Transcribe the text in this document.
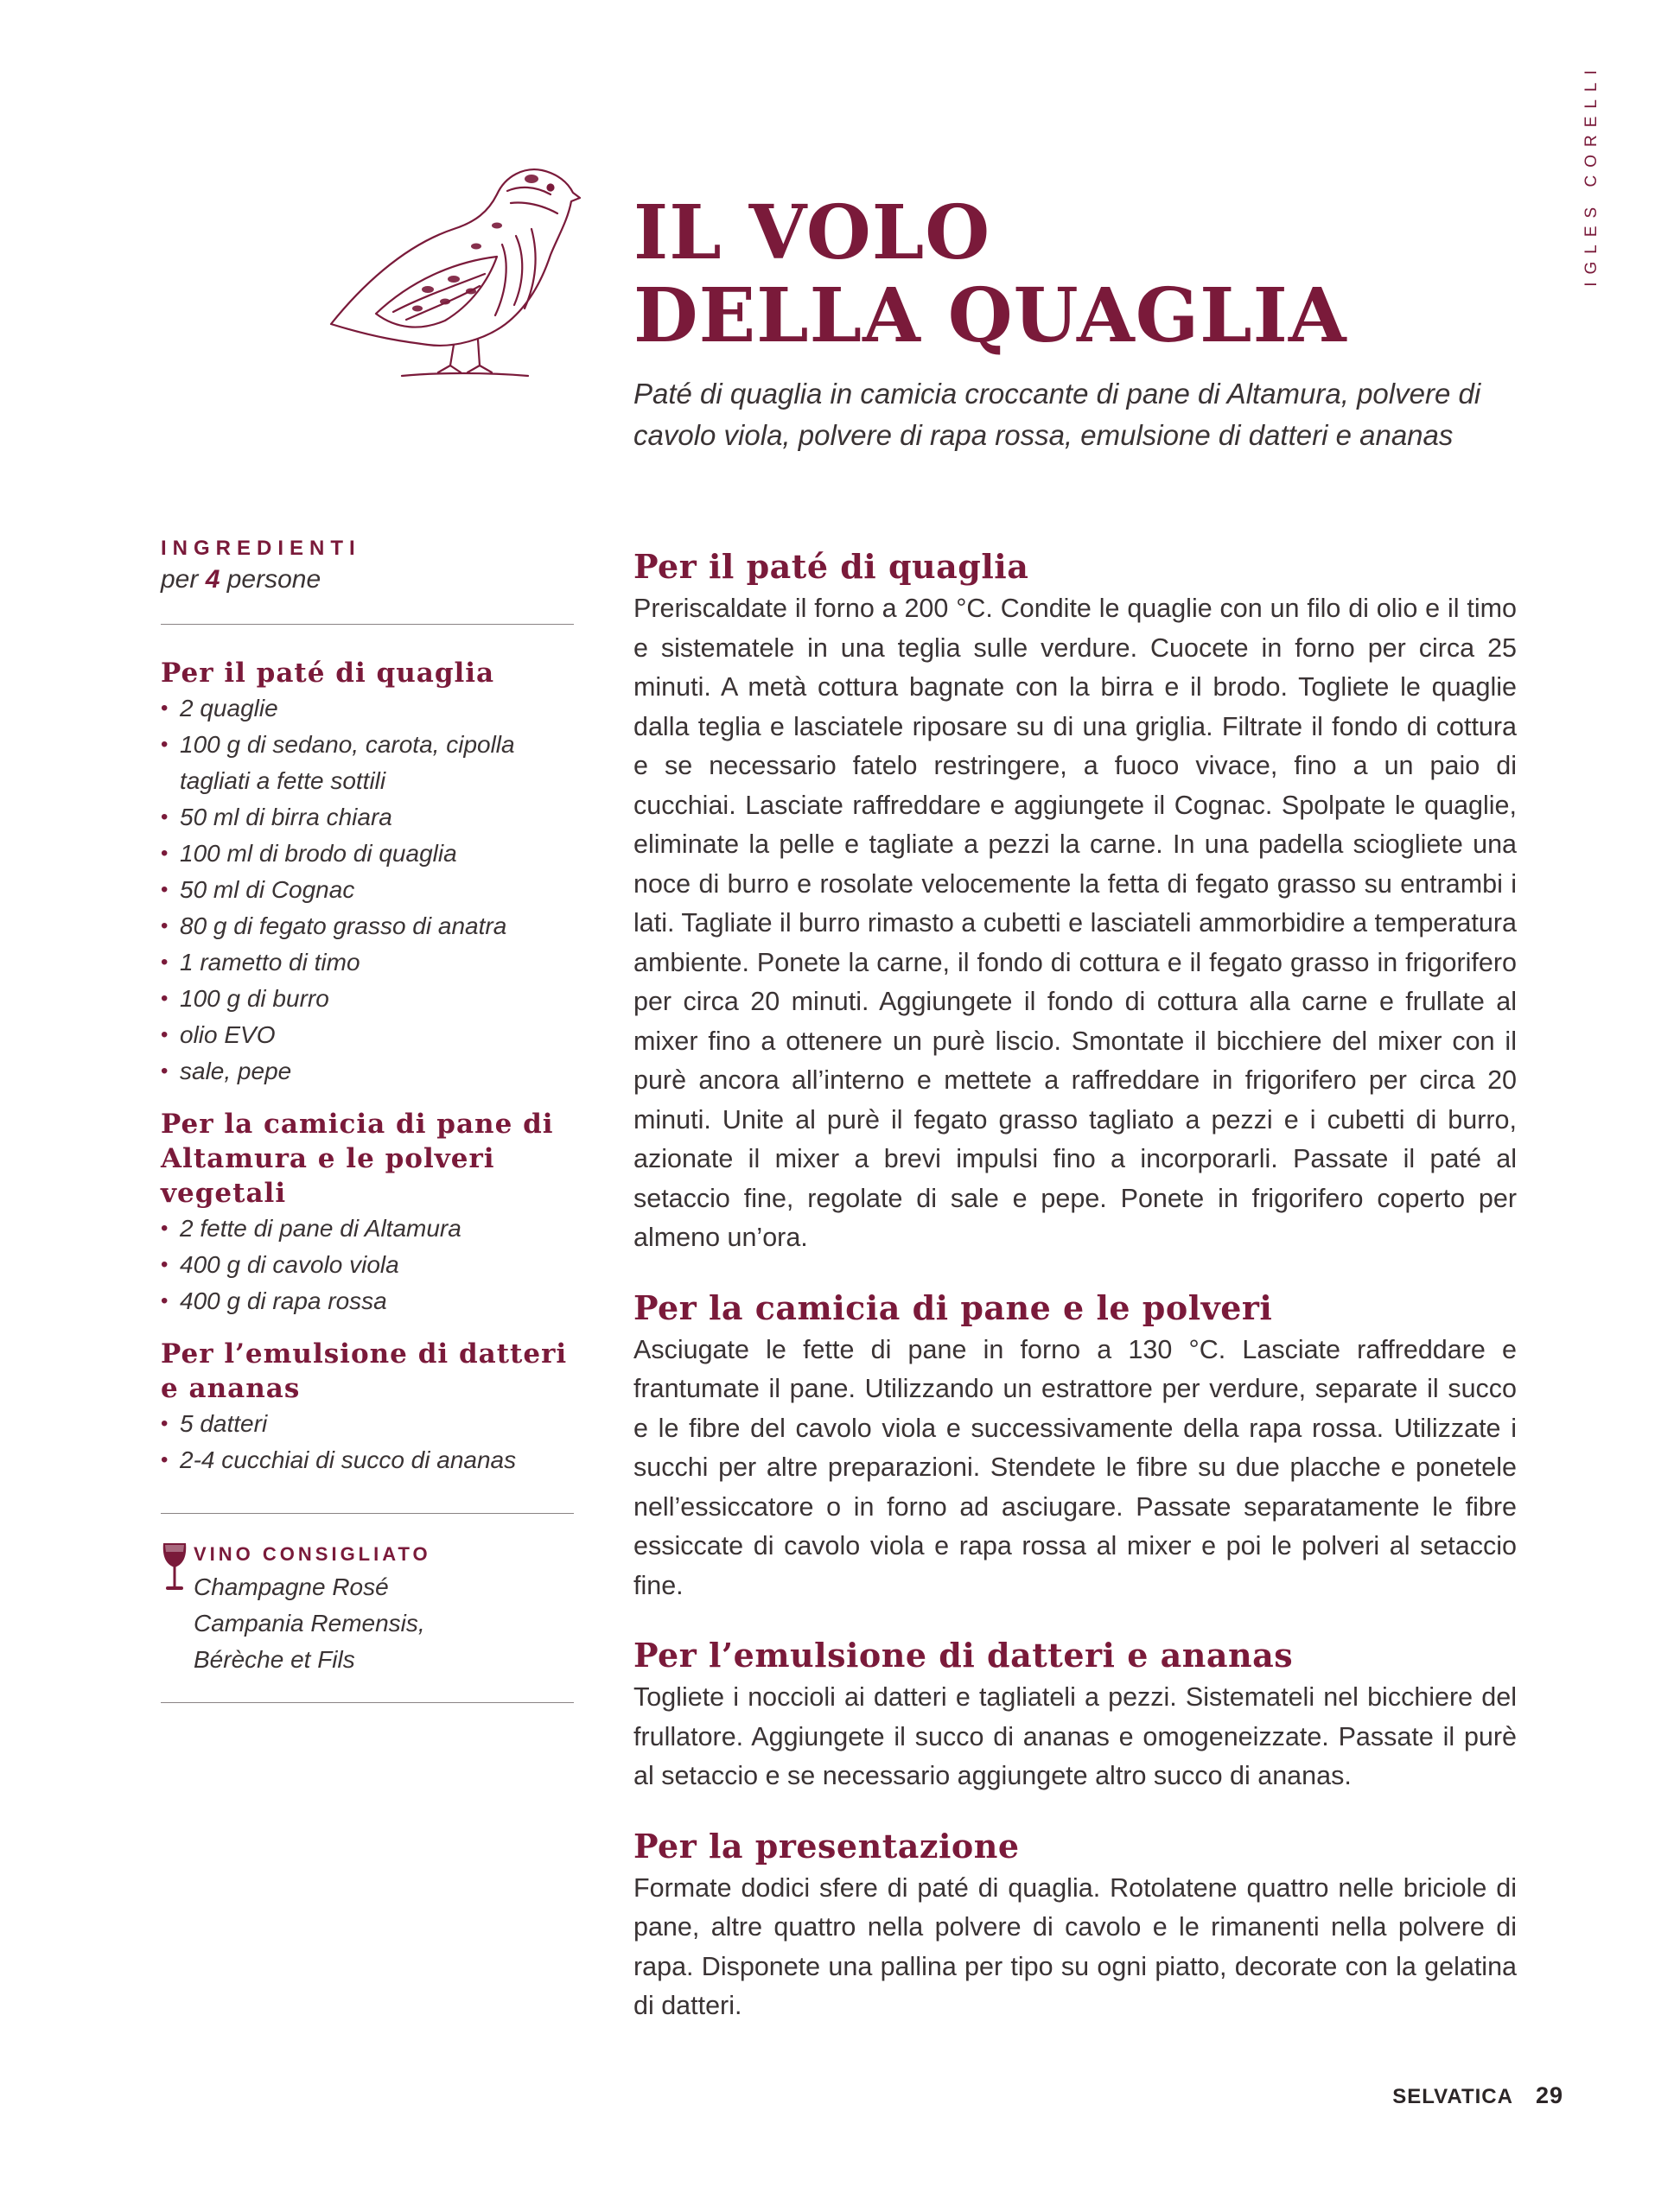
IGLES CORELLI
IL VOLO
DELLA QUAGLIA
Paté di quaglia in camicia croccante di pane di Altamura, polvere di cavolo viola, polvere di rapa rossa, emulsione di datteri e ananas
INGREDIENTI
per 4 persone
Per il paté di quaglia
• 2 quaglie
• 100 g di sedano, carota, cipolla tagliati a fette sottili
• 50 ml di birra chiara
• 100 ml di brodo di quaglia
• 50 ml di Cognac
• 80 g di fegato grasso di anatra
• 1 rametto di timo
• 100 g di burro
• olio EVO
• sale, pepe
Per la camicia di pane di Altamura e le polveri vegetali
• 2 fette di pane di Altamura
• 400 g di cavolo viola
• 400 g di rapa rossa
Per l’emulsione di datteri e ananas
• 5 datteri
• 2-4 cucchiai di succo di ananas
VINO CONSIGLIATO
Champagne Rosé
Campania Remensis,
Bérèche et Fils
Per il paté di quaglia

Preriscaldate il forno a 200 °C. Condite le quaglie con un filo di olio e il timo e sistematele in una teglia sulle verdure. Cuocete in forno per circa 25 minuti. A metà cottura bagnate con la birra e il brodo. Togliete le quaglie dalla teglia e lasciatele riposare su di una griglia. Filtrate il fondo di cottura e se necessario fatelo restringere, a fuoco vivace, fino a un paio di cucchiai. Lasciate raffreddare e aggiungete il Cognac. Spolpate le quaglie, eliminate la pelle e tagliate a pezzi la carne. In una padella sciogliete una noce di burro e rosolate velocemente la fetta di fegato grasso su entrambi i lati. Tagliate il burro rimasto a cubetti e lasciateli ammorbidire a temperatura ambiente. Ponete la carne, il fondo di cottura e il fegato grasso in frigorifero per circa 20 minuti. Aggiungete il fondo di cottura alla carne e frullate al mixer fino a ottenere un purè liscio. Smontate il bicchiere del mixer con il purè ancora all’interno e mettete a raffreddare in frigorifero per circa 20 minuti. Unite al purè il fegato grasso tagliato a pezzi e i cubetti di burro, azionate il mixer a brevi impulsi fino a incorporarli. Passate il paté al setaccio fine, regolate di sale e pepe. Ponete in frigorifero coperto per almeno un’ora.

Per la camicia di pane e le polveri

Asciugate le fette di pane in forno a 130 °C. Lasciate raffreddare e frantumate il pane. Utilizzando un estrattore per verdure, separate il succo e le fibre del cavolo viola e successivamente della rapa rossa. Utilizzate i succhi per altre preparazioni. Stendete le fibre su due placche e ponetele nell’essiccatore o in forno ad asciugare. Passate separatamente le fibre essiccate di cavolo viola e rapa rossa al mixer e poi le polveri al setaccio fine.

Per l’emulsione di datteri e ananas

Togliete i noccioli ai datteri e tagliateli a pezzi. Sistemateli nel bicchiere del frullatore. Aggiungete il succo di ananas e omogeneizzate. Passate il purè al setaccio e se necessario aggiungete altro succo di ananas.

Per la presentazione

Formate dodici sfere di paté di quaglia. Rotolatene quattro nelle briciole di pane, altre quattro nella polvere di cavolo e le rimanenti nella polvere di rapa. Disponete una pallina per tipo su ogni piatto, decorate con la gelatina di datteri.

SELVATICA 29
